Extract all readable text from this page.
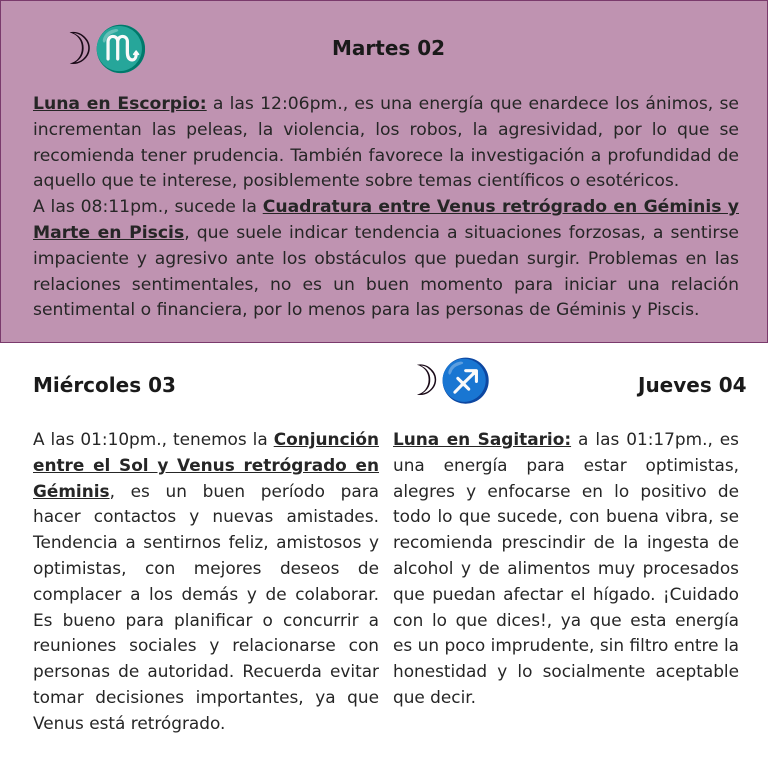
☽♏	Martes 02

Luna en Escorpio: a las 12:06pm., es una energía que enardece los ánimos, se incrementan las peleas, la violencia, los robos, la agresividad, por lo que se recomienda tener prudencia. También favorece la investigación a profundidad de aquello que te interese, posiblemente sobre temas científicos o esotéricos.
A las 08:11pm., sucede la Cuadratura entre Venus retrógrado en Géminis y Marte en Piscis, que suele indicar tendencia a situaciones forzosas, a sentirse impaciente y agresivo ante los obstáculos que puedan surgir. Problemas en las relaciones sentimentales, no es un buen momento para iniciar una relación sentimental o financiera, por lo menos para las personas de Géminis y Piscis.

Miércoles 03	☽♐	Jueves 04

A las 01:10pm., tenemos la Conjunción entre el Sol y Venus retrógrado en Géminis, es un buen período para hacer contactos y nuevas amistades. Tendencia a sentirnos feliz, amistosos y optimistas, con mejores deseos de complacer a los demás y de colaborar. Es bueno para planificar o concurrir a reuniones sociales y relacionarse con personas de autoridad. Recuerda evitar tomar decisiones importantes, ya que Venus está retrógrado.

Luna en Sagitario: a las 01:17pm., es una energía para estar optimistas, alegres y enfocarse en lo positivo de todo lo que sucede, con buena vibra, se recomienda prescindir de la ingesta de alcohol y de alimentos muy procesados que puedan afectar el hígado. ¡Cuidado con lo que dices!, ya que esta energía es un poco imprudente, sin filtro entre la honestidad y lo socialmente aceptable que decir.
